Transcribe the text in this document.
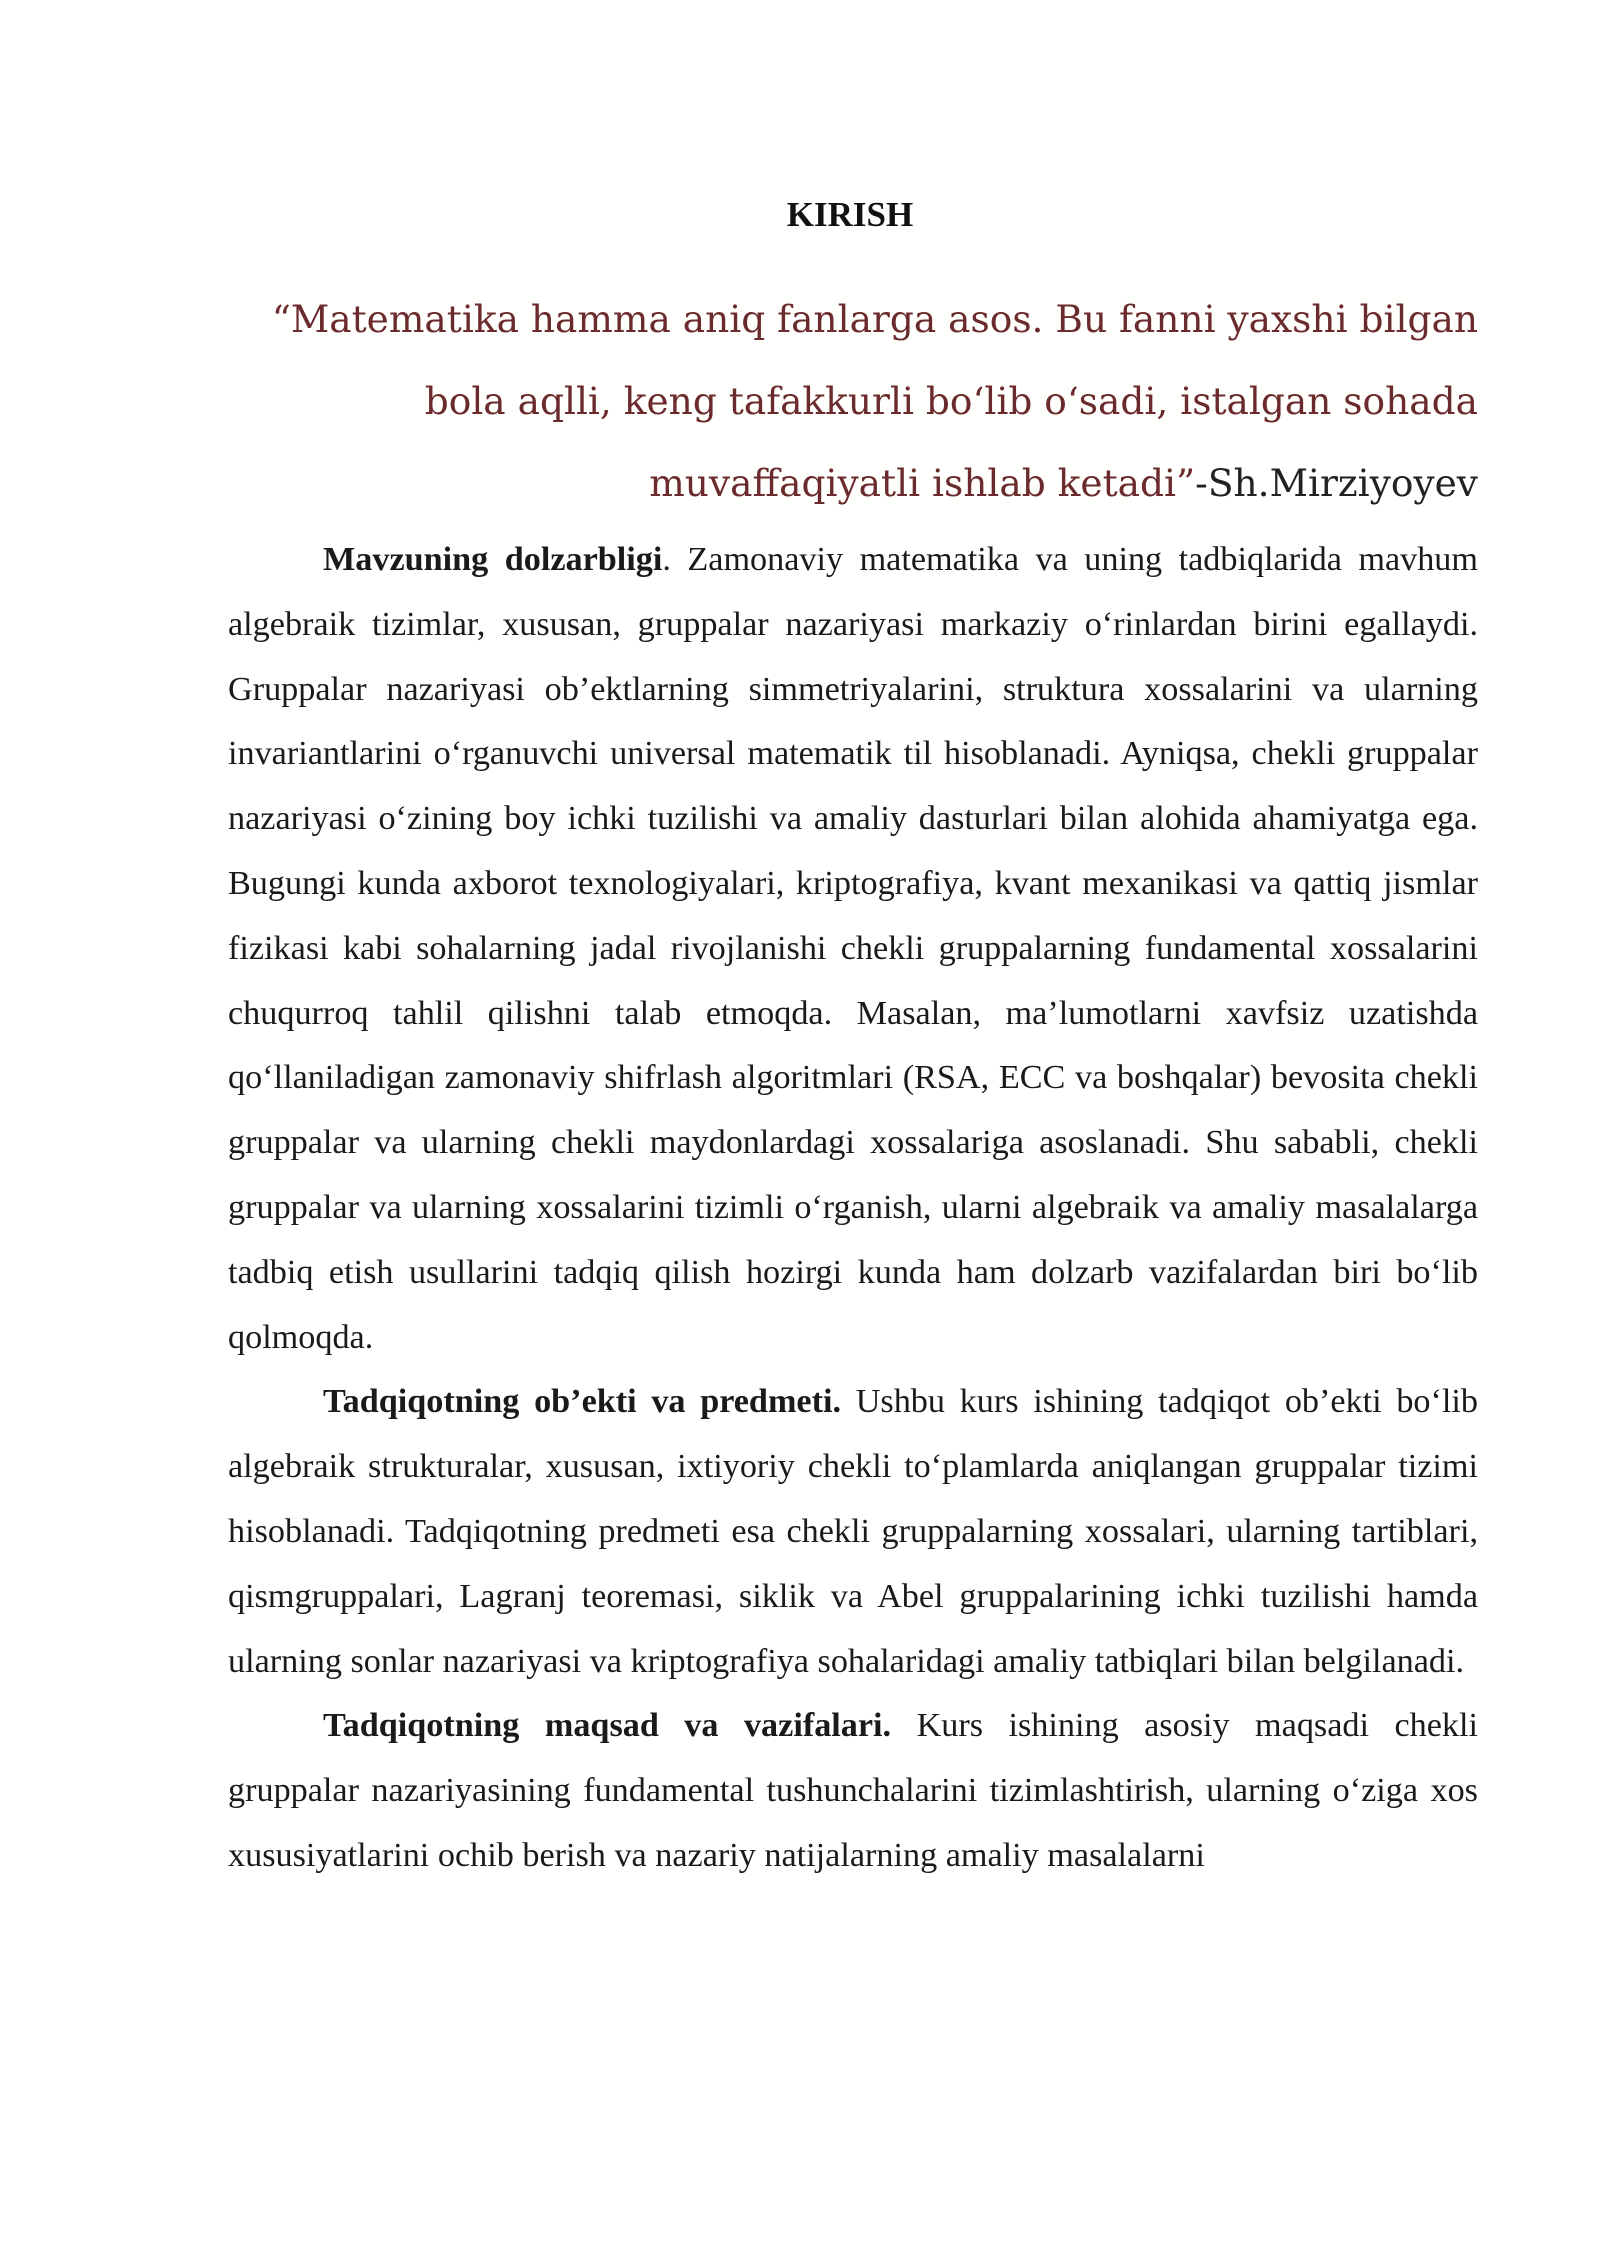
KIRISH

“Matematika hamma aniq fanlarga asos. Bu fanni yaxshi bilgan bola aqlli, keng tafakkurli bo‘lib o‘sadi, istalgan sohada muvaffaqiyatli ishlab ketadi”-Sh.Mirziyoyev

Mavzuning dolzarbligi. Zamonaviy matematika va uning tadbiqlarida mavhum algebraik tizimlar, xususan, gruppalar nazariyasi markaziy o‘rinlardan birini egallaydi. Gruppalar nazariyasi ob’ektlarning simmetriyalarini, struktura xossalarini va ularning invariantlarini o‘rganuvchi universal matematik til hisoblanadi. Ayniqsa, chekli gruppalar nazariyasi o‘zining boy ichki tuzilishi va amaliy dasturlari bilan alohida ahamiyatga ega. Bugungi kunda axborot texnologiyalari, kriptografiya, kvant mexanikasi va qattiq jismlar fizikasi kabi sohalarning jadal rivojlanishi chekli gruppalarning fundamental xossalarini chuqurroq tahlil qilishni talab etmoqda. Masalan, ma’lumotlarni xavfsiz uzatishda qo‘llaniladigan zamonaviy shifrlash algoritmlari (RSA, ECC va boshqalar) bevosita chekli gruppalar va ularning chekli maydonlardagi xossalariga asoslanadi. Shu sababli, chekli gruppalar va ularning xossalarini tizimli o‘rganish, ularni algebraik va amaliy masalalarga tadbiq etish usullarini tadqiq qilish hozirgi kunda ham dolzarb vazifalardan biri bo‘lib qolmoqda.

Tadqiqotning ob’ekti va predmeti. Ushbu kurs ishining tadqiqot ob’ekti bo‘lib algebraik strukturalar, xususan, ixtiyoriy chekli to‘plamlarda aniqlangan gruppalar tizimi hisoblanadi. Tadqiqotning predmeti esa chekli gruppalarning xossalari, ularning tartiblari, qismgruppalari, Lagranj teoremasi, siklik va Abel gruppalarining ichki tuzilishi hamda ularning sonlar nazariyasi va kriptografiya sohalaridagi amaliy tatbiqlari bilan belgilanadi.

Tadqiqotning maqsad va vazifalari. Kurs ishining asosiy maqsadi chekli gruppalar nazariyasining fundamental tushunchalarini tizimlashtirish, ularning o‘ziga xos xususiyatlarini ochib berish va nazariy natijalarning amaliy masalalarni
